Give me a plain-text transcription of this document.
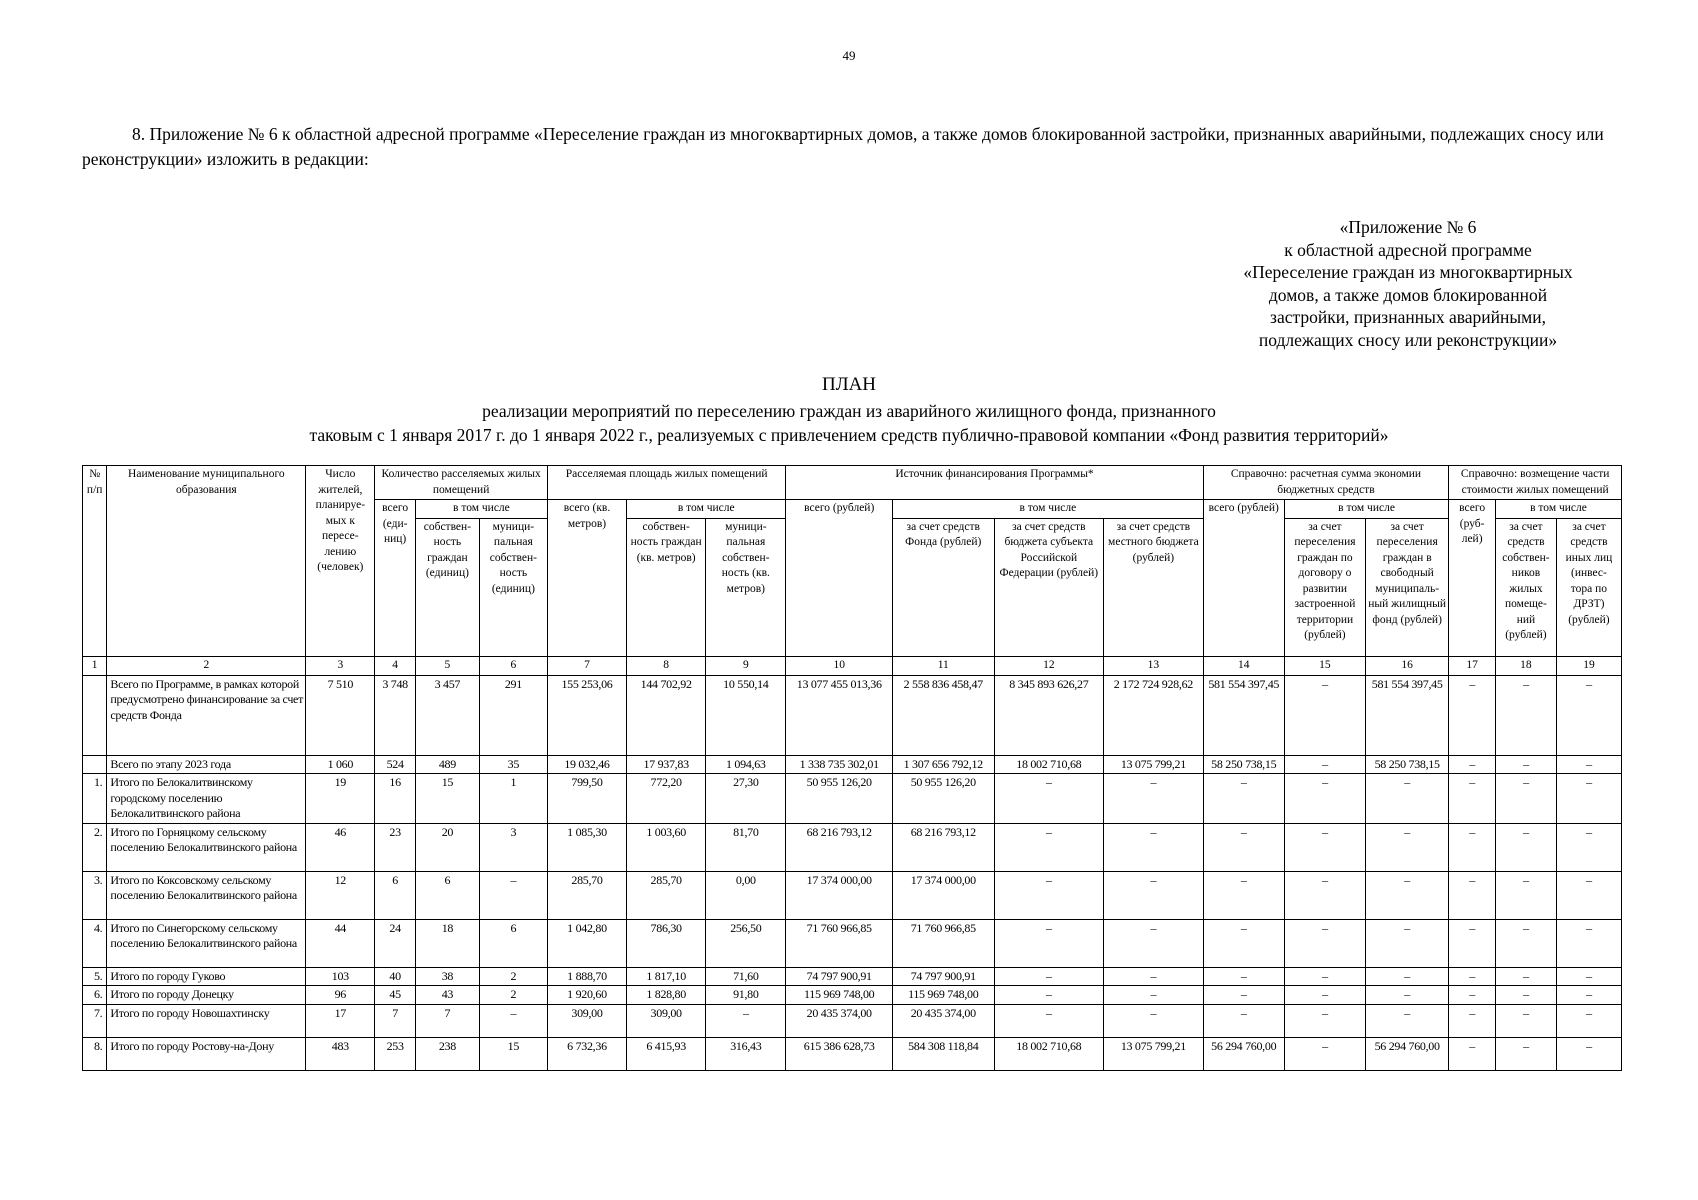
49
8. Приложение № 6 к областной адресной программе «Переселение граждан из многоквартирных домов, а также домов блокированной застройки, признанных аварийными, подлежащих сносу или реконструкции» изложить в редакции:
«Приложение № 6
к областной адресной программе
«Переселение граждан из многоквартирных
домов, а также домов блокированной
застройки, признанных аварийными,
подлежащих сносу или реконструкции»
ПЛАН
реализации мероприятий по переселению граждан из аварийного жилищного фонда, признанного
таковым с 1 января 2017 г. до 1 января 2022 г., реализуемых с привлечением средств публично-правовой компании «Фонд развития территорий»
№ п/п	Наименование муниципального образования	Число жителей, планируе- мых к пересе- лению (человек)	Количество расселяемых жилых помещений			Расселяемая площадь жилых помещений			Источник финансирования Программы*				Справочно: расчетная сумма экономии бюджетных средств			Справочно: возмещение части стоимости жилых помещений		
			всего (еди- ниц)	в том числе		всего (кв. метров)	в том числе		всего (рублей)	в том числе			всего (рублей)	в том числе		всего (руб- лей)	в том числе	
				собствен- ность граждан (единиц)	муници- пальная собствен- ность (единиц)		собствен- ность граждан (кв. метров)	муници- пальная собствен- ность (кв. метров)		за счет средств Фонда (рублей)	за счет средств бюджета субъекта Российской Федерации (рублей)	за счет средств местного бюджета (рублей)		за счет переселения граждан по договору о развитии застроенной территории (рублей)	за счет переселения граждан в свободный муниципаль- ный жилищный фонд (рублей)		за счет средств собствен- ников жилых помеще- ний (рублей)	за счет средств иных лиц (инвес- тора по ДРЗТ) (рублей)
1	2	3	4	5	6	7	8	9	10	11	12	13	14	15	16	17	18	19
	Всего по Программе, в рамках которой предусмотрено финансирование за счет средств Фонда	7 510	3 748	3 457	291	155 253,06	144 702,92	10 550,14	13 077 455 013,36	2 558 836 458,47	8 345 893 626,27	2 172 724 928,62	581 554 397,45	–	581 554 397,45	–	–	–
	Всего по этапу 2023 года	1 060	524	489	35	19 032,46	17 937,83	1 094,63	1 338 735 302,01	1 307 656 792,12	18 002 710,68	13 075 799,21	58 250 738,15	–	58 250 738,15	–	–	–
1.	Итого по Белокалитвинскому городскому поселению Белокалитвинского района	19	16	15	1	799,50	772,20	27,30	50 955 126,20	50 955 126,20	–	–	–	–	–	–	–	–
2.	Итого по Горняцкому сельскому поселению Белокалитвинского района	46	23	20	3	1 085,30	1 003,60	81,70	68 216 793,12	68 216 793,12	–	–	–	–	–	–	–	–
3.	Итого по Коксовскому сельскому поселению Белокалитвинского района	12	6	6	–	285,70	285,70	0,00	17 374 000,00	17 374 000,00	–	–	–	–	–	–	–	–
4.	Итого по Синегорскому сельскому поселению Белокалитвинского района	44	24	18	6	1 042,80	786,30	256,50	71 760 966,85	71 760 966,85	–	–	–	–	–	–	–	–
5.	Итого по городу Гуково	103	40	38	2	1 888,70	1 817,10	71,60	74 797 900,91	74 797 900,91	–	–	–	–	–	–	–	–
6.	Итого по городу Донецку	96	45	43	2	1 920,60	1 828,80	91,80	115 969 748,00	115 969 748,00	–	–	–	–	–	–	–	–
7.	Итого по городу Новошахтинску	17	7	7	–	309,00	309,00	–	20 435 374,00	20 435 374,00	–	–	–	–	–	–	–	–
8.	Итого по городу Ростову-на-Дону	483	253	238	15	6 732,36	6 415,93	316,43	615 386 628,73	584 308 118,84	18 002 710,68	13 075 799,21	56 294 760,00	–	56 294 760,00	–	–	–
